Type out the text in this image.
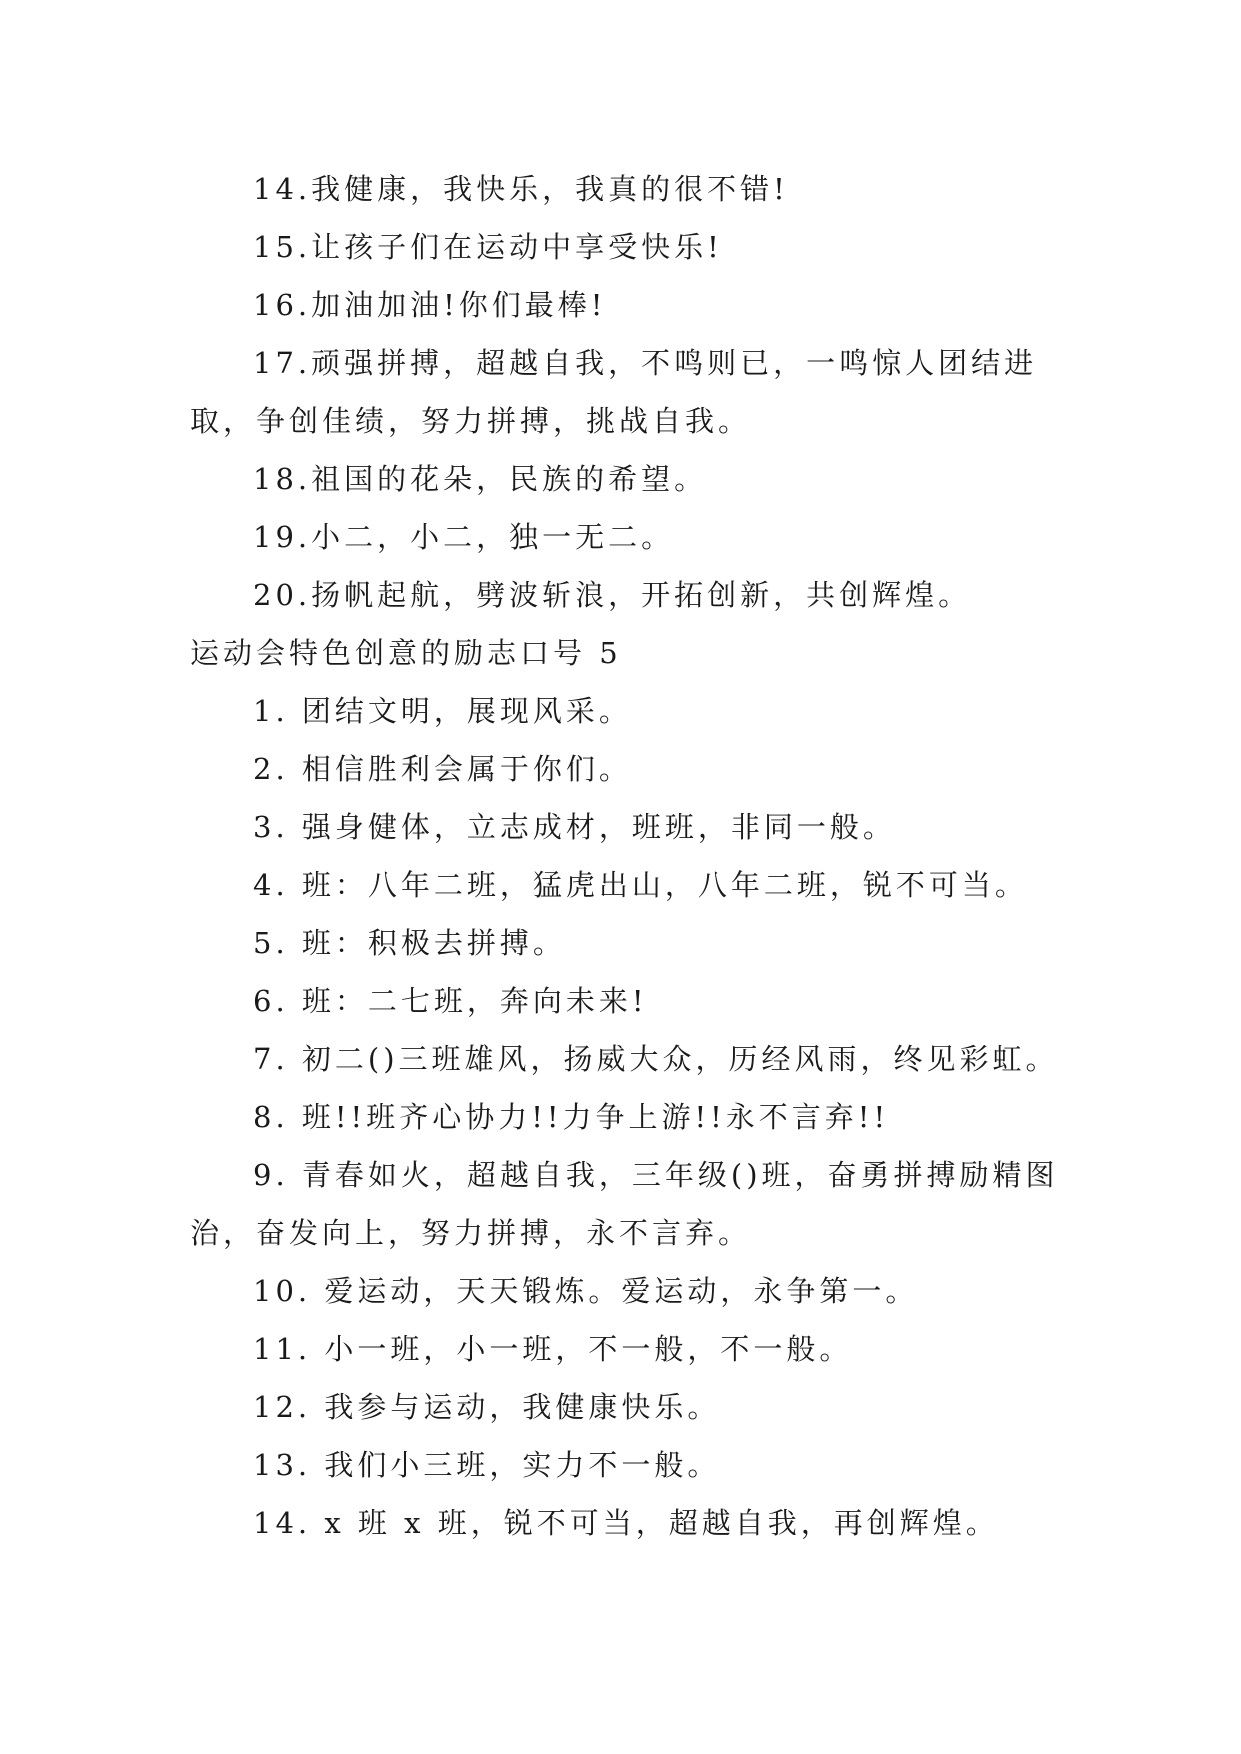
14.我健康，我快乐，我真的很不错!

15.让孩子们在运动中享受快乐!

16.加油加油!你们最棒!

17.顽强拼搏，超越自我，不鸣则已，一鸣惊人团结进取，争创佳绩，努力拼搏，挑战自我。

18.祖国的花朵，民族的希望。

19.小二，小二，独一无二。

20.扬帆起航，劈波斩浪，开拓创新，共创辉煌。

运动会特色创意的励志口号 5

1. 团结文明，展现风采。

2. 相信胜利会属于你们。

3. 强身健体，立志成材，班班，非同一般。

4. 班：八年二班，猛虎出山，八年二班，锐不可当。

5. 班：积极去拼搏。

6. 班：二七班，奔向未来!

7. 初二()三班雄风，扬威大众，历经风雨，终见彩虹。

8. 班!!班齐心协力!!力争上游!!永不言弃!!

9. 青春如火，超越自我，三年级()班，奋勇拼搏励精图治，奋发向上，努力拼搏，永不言弃。

10. 爱运动，天天锻炼。爱运动，永争第一。

11. 小一班，小一班，不一般，不一般。

12. 我参与运动，我健康快乐。

13. 我们小三班，实力不一般。

14. x 班 x 班，锐不可当，超越自我，再创辉煌。
